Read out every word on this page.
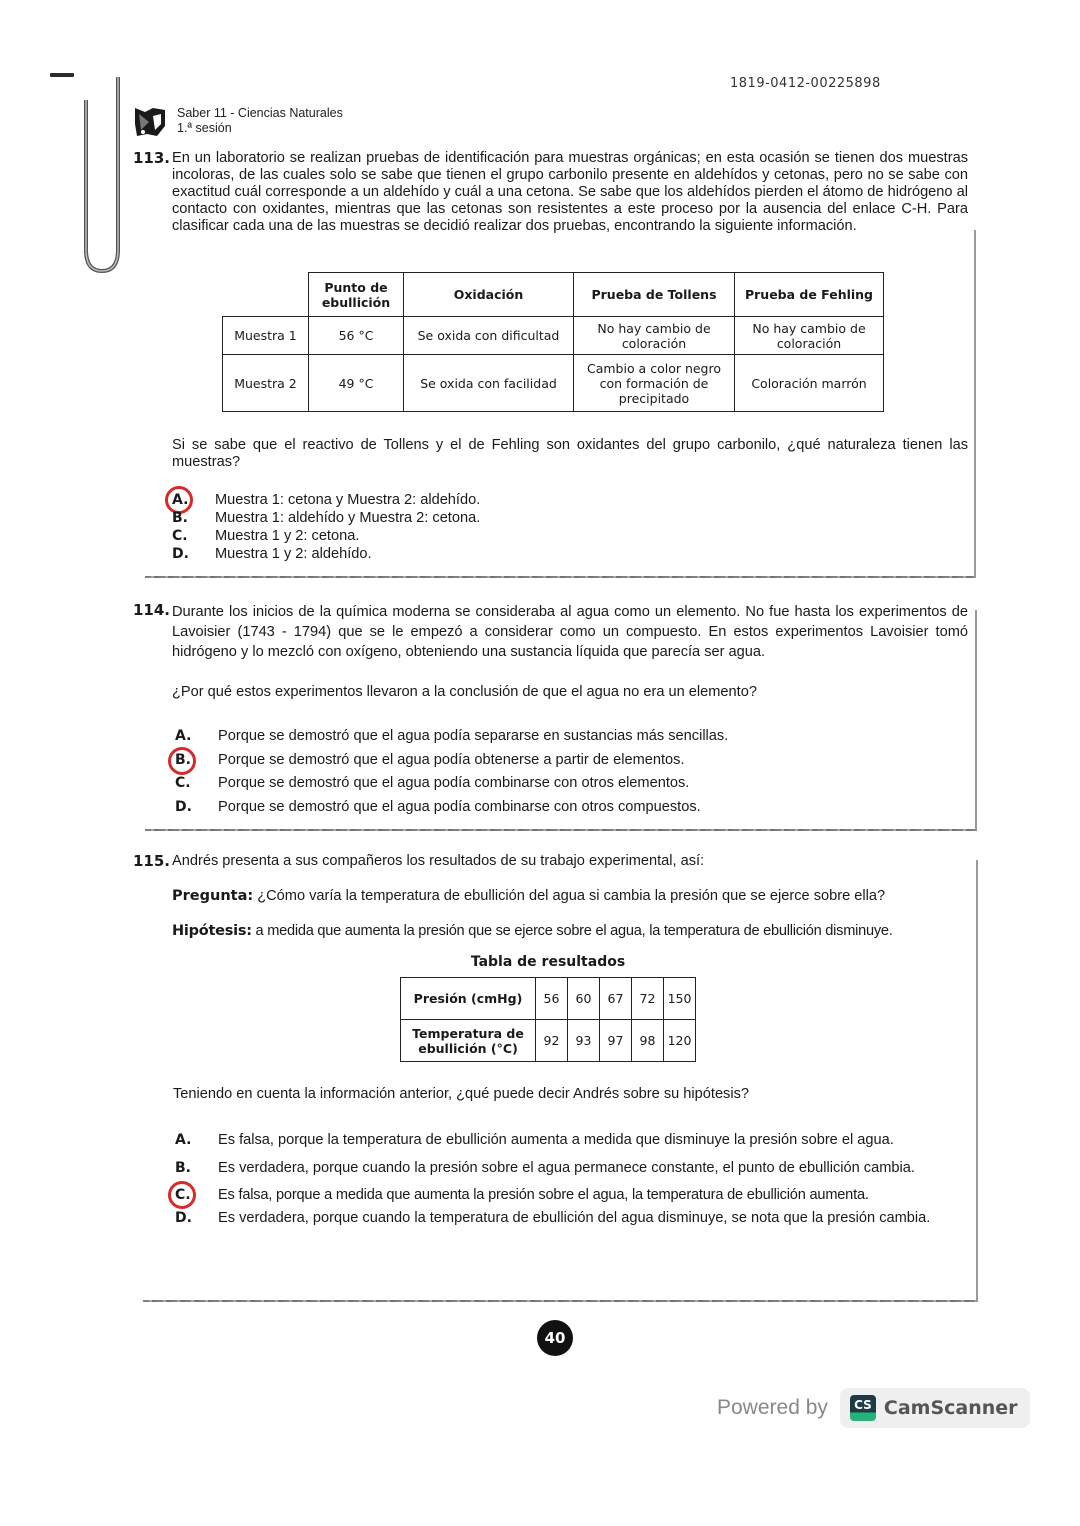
1819-0412-00225898
Saber 11 - Ciencias Naturales
1.ª sesión
113. En un laboratorio se realizan pruebas de identificación para muestras orgánicas; en esta ocasión se tienen dos muestras incoloras, de las cuales solo se sabe que tienen el grupo carbonilo presente en aldehídos y cetonas, pero no se sabe con exactitud cuál corresponde a un aldehído y cuál a una cetona. Se sabe que los aldehídos pierden el átomo de hidrógeno al contacto con oxidantes, mientras que las cetonas son resistentes a este proceso por la ausencia del enlace C-H. Para clasificar cada una de las muestras se decidió realizar dos pruebas, encontrando la siguiente información.

	Punto de ebullición	Oxidación	Prueba de Tollens	Prueba de Fehling
Muestra 1	56 °C	Se oxida con dificultad	No hay cambio de coloración	No hay cambio de coloración
Muestra 2	49 °C	Se oxida con facilidad	Cambio a color negro con formación de precipitado	Coloración marrón

Si se sabe que el reactivo de Tollens y el de Fehling son oxidantes del grupo carbonilo, ¿qué naturaleza tienen las muestras?

A.	Muestra 1: cetona y Muestra 2: aldehído.
B.	Muestra 1: aldehído y Muestra 2: cetona.
C.	Muestra 1 y 2: cetona.
D.	Muestra 1 y 2: aldehído.
114. Durante los inicios de la química moderna se consideraba al agua como un elemento. No fue hasta los experimentos de Lavoisier (1743 - 1794) que se le empezó a considerar como un compuesto. En estos experimentos Lavoisier tomó hidrógeno y lo mezcló con oxígeno, obteniendo una sustancia líquida que parecía ser agua.

¿Por qué estos experimentos llevaron a la conclusión de que el agua no era un elemento?

A.	Porque se demostró que el agua podía separarse en sustancias más sencillas.
B.	Porque se demostró que el agua podía obtenerse a partir de elementos.
C.	Porque se demostró que el agua podía combinarse con otros elementos.
D.	Porque se demostró que el agua podía combinarse con otros compuestos.
115. Andrés presenta a sus compañeros los resultados de su trabajo experimental, así:

Pregunta: ¿Cómo varía la temperatura de ebullición del agua si cambia la presión que se ejerce sobre ella?

Hipótesis: a medida que aumenta la presión que se ejerce sobre el agua, la temperatura de ebullición disminuye.

Tabla de resultados
Presión (cmHg)	56	60	67	72	150
Temperatura de ebullición (°C)	92	93	97	98	120

Teniendo en cuenta la información anterior, ¿qué puede decir Andrés sobre su hipótesis?

A.	Es falsa, porque la temperatura de ebullición aumenta a medida que disminuye la presión sobre el agua.
B.	Es verdadera, porque cuando la presión sobre el agua permanece constante, el punto de ebullición cambia.
C.	Es falsa, porque a medida que aumenta la presión sobre el agua, la temperatura de ebullición aumenta.
D.	Es verdadera, porque cuando la temperatura de ebullición del agua disminuye, se nota que la presión cambia.
40
Powered by	CS CamScanner
